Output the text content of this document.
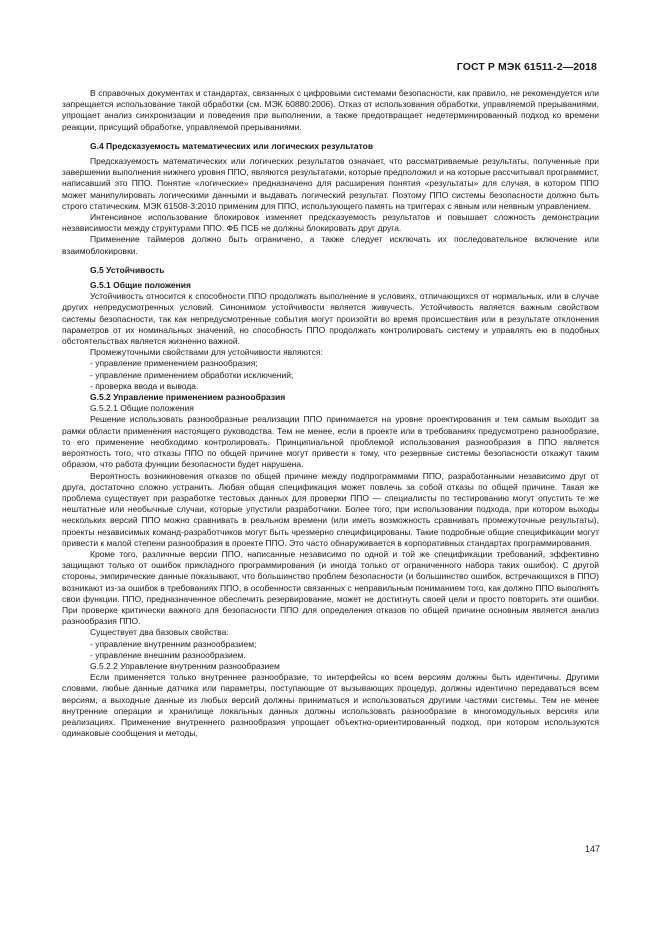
ГОСТ Р МЭК 61511-2—2018

В справочных документах и стандартах, связанных с цифровыми системами безопасности, как правило, не рекомендуется или запрещается использование такой обработки (см. МЭК 60880:2006). Отказ от использования обработки, управляемой прерываниями, упрощает анализ синхронизации и поведения при выполнении, а также предотвращает недетерминированный подход ко времени реакции, присущий обработке, управляемой прерываниями.

G.4 Предсказуемость математических или логических результатов

Предсказуемость математических или логических результатов означает, что рассматриваемые результаты, полученные при завершении выполнения нижнего уровня ППО, являются результатами, которые предположил и на которые рассчитывал программист, написавший это ППО. Понятие «логические» предназначено для расширения понятия «результаты» для случая, в котором ППО может манипулировать логическими данными и выдавать логический результат. Поэтому ППО системы безопасности должно быть строго статическим. МЭК 61508-3:2010 применим для ППО, использующего память на триггерах с явным или неявным управлением.

Интенсивное использование блокировок изменяет предсказуемость результатов и повышает сложность демонстрации независимости между структурами ППО. ФБ ПСБ не должны блокировать друг друга.

Применение таймеров должно быть ограничено, а также следует исключать их последовательное включение или взаимоблокировки.

G.5 Устойчивость

G.5.1 Общие положения

Устойчивость относится к способности ППО продолжать выполнение в условиях, отличающихся от нормальных, или в случае других непредусмотренных условий. Синонимом устойчивости является живучесть. Устойчивость является важным свойством системы безопасности, так как непредусмотренные события могут произойти во время происшествия или в результате отклонения параметров от их номинальных значений, но способность ППО продолжать контролировать систему и управлять ею в подобных обстоятельствах является жизненно важной.

Промежуточными свойствами для устойчивости являются:

- управление применением разнообразия;

- управление применением обработки исключений;

- проверка ввода и вывода.

G.5.2 Управление применением разнообразия

G.5.2.1 Общие положения

Решение использовать разнообразные реализации ППО принимается на уровне проектирования и тем самым выходит за рамки области применения настоящего руководства. Тем не менее, если в проекте или в требованиях предусмотрено разнообразие, то его применение необходимо контролировать. Принципиальной проблемой использования разнообразия в ППО является вероятность того, что отказы ППО по общей причине могут привести к тому, что резервные системы безопасности откажут таким образом, что работа функции безопасности будет нарушена.

Вероятность возникновения отказов по общей причине между подпрограммами ППО, разработанными независимо друг от друга, достаточно сложно устранить. Любая общая спецификация может повлечь за собой отказы по общей причине. Такая же проблема существует при разработке тестовых данных для проверки ППО — специалисты по тестированию могут опустить те же нештатные или необычные случаи, которые упустили разработчики. Более того, при использовании подхода, при котором выходы нескольких версий ППО можно сравнивать в реальном времени (или иметь возможность сравнивать промежуточные результаты), проекты независимых команд-разработчиков могут быть чрезмерно специфицированы. Такие подробные общие спецификации могут привести к малой степени разнообразия в проекте ППО. Это часто обнаруживается в корпоративных стандартах программирования.

Кроме того, различные версии ППО, написанные независимо по одной и той же спецификации требований, эффективно защищают только от ошибок прикладного программирования (и иногда только от ограниченного набора таких ошибок). С другой стороны, эмпирические данные показывают, что большинство проблем безопасности (и большинство ошибок, встречающихся в ППО) возникают из-за ошибок в требованиях ППО, в особенности связанных с неправильным пониманием того, как должно ППО выполнять свои функции. ППО, предназначенное обеспечить резервирование, может не достигнуть своей цели и просто повторить эти ошибки. При проверке критически важного для безопасности ППО для определения отказов по общей причине основным является анализ разнообразия ППО.

Существует два базовых свойства:

- управление внутренним разнообразием;

- управление внешним разнообразием.

G.5.2.2 Управление внутренним разнообразием

Если применяется только внутреннее разнообразие, то интерфейсы ко всем версиям должны быть идентичны. Другими словами, любые данные датчика или параметры, поступающие от вызывающих процедур, должны идентично передаваться всем версиям, а выходные данные из любых версий должны приниматься и использоваться другими частями системы. Тем не менее внутренние операции и хранилище локальных данных должны использовать разнообразие в многомодульных версиях или реализациях. Применение внутреннего разнообразия упрощает объектно-ориентированный подход, при котором используются одинаковые сообщения и методы,

147
